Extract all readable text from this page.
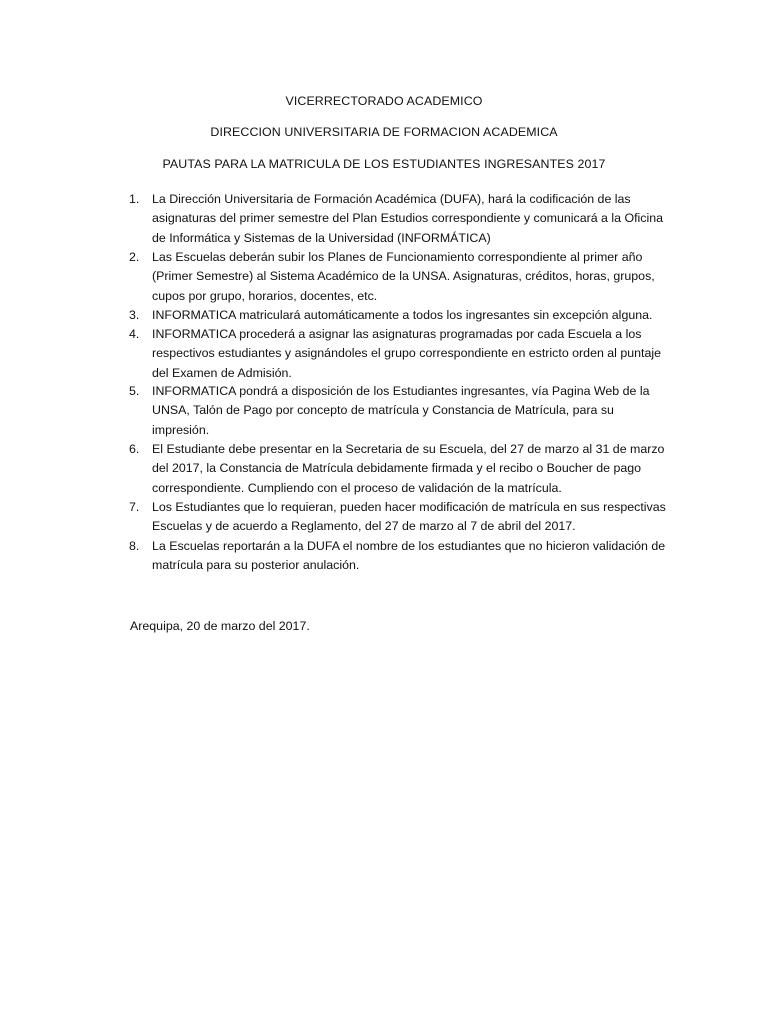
VICERRECTORADO ACADEMICO
DIRECCION UNIVERSITARIA DE FORMACION ACADEMICA
PAUTAS PARA LA MATRICULA DE LOS ESTUDIANTES INGRESANTES 2017
1.	La Dirección Universitaria de Formación Académica (DUFA), hará la codificación de las asignaturas del primer semestre del Plan Estudios correspondiente y comunicará a la Oficina de Informática y Sistemas de la Universidad (INFORMÁTICA)
2.	Las Escuelas deberán subir los Planes de Funcionamiento correspondiente al primer año (Primer Semestre) al Sistema Académico de la UNSA. Asignaturas, créditos, horas, grupos, cupos por grupo, horarios, docentes, etc.
3.	INFORMATICA matriculará automáticamente a todos los ingresantes sin excepción alguna.
4.	INFORMATICA procederá a asignar las asignaturas programadas por cada Escuela a los respectivos estudiantes y asignándoles el grupo correspondiente en estricto orden al puntaje del Examen de Admisión.
5.	INFORMATICA pondrá a disposición de los Estudiantes ingresantes, vía Pagina Web de la UNSA, Talón de Pago por concepto de matrícula y Constancia de Matrícula, para su impresión.
6.	El Estudiante debe presentar en la Secretaria de su Escuela, del 27 de marzo al 31 de marzo del 2017, la Constancia de Matrícula debidamente firmada y el recibo o Boucher de pago correspondiente. Cumpliendo con el proceso de validación de la matrícula.
7.	Los Estudiantes que lo requieran, pueden hacer modificación de matrícula en sus respectivas Escuelas y de acuerdo a Reglamento, del 27 de marzo al 7 de abril del 2017.
8.	La Escuelas reportarán a la DUFA el nombre de los estudiantes que no hicieron validación de matrícula para su posterior anulación.
Arequipa, 20 de marzo del 2017.
